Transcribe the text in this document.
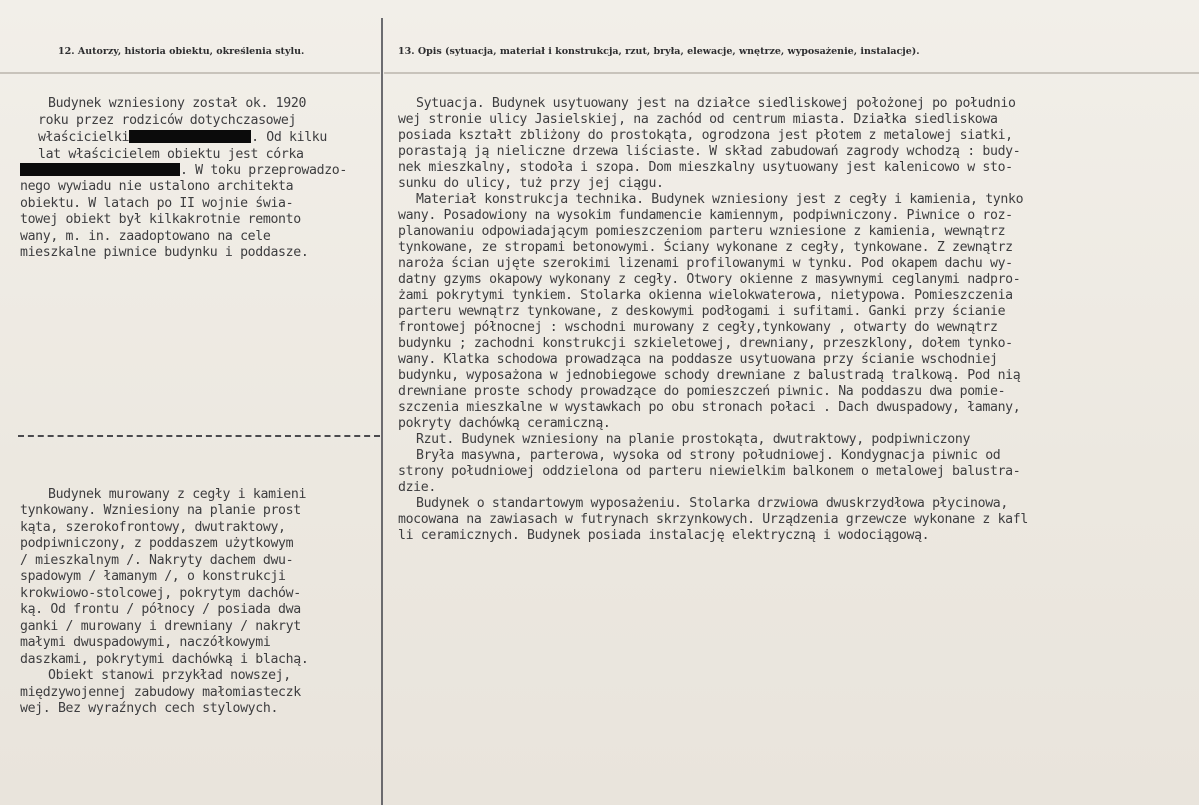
12. Autorzy, historia obiektu, określenia stylu.	13. Opis (sytuacja, materiał i konstrukcja, rzut, bryła, elewacje, wnętrze, wyposażenie, instalacje).
Budynek wzniesiony został ok. 1920
roku przez rodziców dotychczasowej
właścicielki	. Od kilku
lat właścicielem obiektu jest córka
. W toku przeprowadzo-
nego wywiadu nie ustalono architekta
obiektu. W latach po II wojnie świa-
towej obiekt był kilkakrotnie remonto
wany, m. in. zaadoptowano na cele
mieszkalne piwnice budynku i poddasze.
Budynek murowany z cegły i kamieni
tynkowany. Wzniesiony na planie prost
kąta, szerokofrontowy, dwutraktowy,
podpiwniczony, z poddaszem użytkowym
/ mieszkalnym /. Nakryty dachem dwu-
spadowym / łamanym /, o konstrukcji
krokwiowo-stolcowej, pokrytym dachów-
ką. Od frontu / północy / posiada dwa
ganki / murowany i drewniany / nakryt
małymi dwuspadowymi, naczółkowymi
daszkami, pokrytymi dachówką i blachą.
Obiekt stanowi przykład nowszej,
międzywojennej zabudowy małomiasteczk
wej. Bez wyraźnych cech stylowych.
Sytuacja. Budynek usytuowany jest na działce siedliskowej położonej po południo
wej stronie ulicy Jasielskiej, na zachód od centrum miasta. Działka siedliskowa
posiada kształt zbliżony do prostokąta, ogrodzona jest płotem z metalowej siatki,
porastają ją nieliczne drzewa liściaste. W skład zabudowań zagrody wchodzą : budy-
nek mieszkalny, stodoła i szopa. Dom mieszkalny usytuowany jest kalenicowo w sto-
sunku do ulicy, tuż przy jej ciągu.
Materiał konstrukcja technika. Budynek wzniesiony jest z cegły i kamienia, tynko
wany. Posadowiony na wysokim fundamencie kamiennym, podpiwniczony. Piwnice o roz-
planowaniu odpowiadającym pomieszczeniom parteru wzniesione z kamienia, wewnątrz
tynkowane, ze stropami betonowymi. Ściany wykonane z cegły, tynkowane. Z zewnątrz
naroża ścian ujęte szerokimi lizenami profilowanymi w tynku. Pod okapem dachu wy-
datny gzyms okapowy wykonany z cegły. Otwory okienne z masywnymi ceglanymi nadpro-
żami pokrytymi tynkiem. Stolarka okienna wielokwaterowa, nietypowa. Pomieszczenia
parteru wewnątrz tynkowane, z deskowymi podłogami i sufitami. Ganki przy ścianie
frontowej północnej : wschodni murowany z cegły,tynkowany , otwarty do wewnątrz
budynku ; zachodni konstrukcji szkieletowej, drewniany, przeszklony, dołem tynko-
wany. Klatka schodowa prowadząca na poddasze usytuowana przy ścianie wschodniej
budynku, wyposażona w jednobiegowe schody drewniane z balustradą tralkową. Pod nią
drewniane proste schody prowadzące do pomieszczeń piwnic. Na poddaszu dwa pomie-
szczenia mieszkalne w wystawkach po obu stronach połaci . Dach dwuspadowy, łamany,
pokryty dachówką ceramiczną.
Rzut. Budynek wzniesiony na planie prostokąta, dwutraktowy, podpiwniczony
Bryła masywna, parterowa, wysoka od strony południowej. Kondygnacja piwnic od
strony południowej oddzielona od parteru niewielkim balkonem o metalowej balustra-
dzie.
Budynek o standartowym wyposażeniu. Stolarka drzwiowa dwuskrzydłowa płycinowa,
mocowana na zawiasach w futrynach skrzynkowych. Urządzenia grzewcze wykonane z kafl
li ceramicznych. Budynek posiada instalację elektryczną i wodociągową.
